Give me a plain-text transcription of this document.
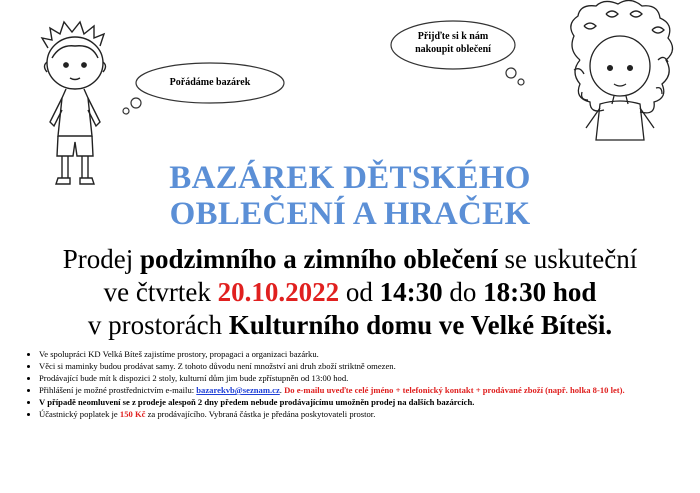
Pořádáme bazárek
Přijďte si k nám
nakoupit oblečení
BAZÁREK DĚTSKÉHO
OBLEČENÍ A HRAČEK
Prodej podzimního a zimního oblečení se uskuteční
ve čtvrtek 20.10.2022 od 14:30 do 18:30 hod
v prostorách Kulturního domu ve Velké Bíteši.
• Ve spolupráci KD Velká Bíteš zajistíme prostory, propagaci a organizaci bazárku.
• Věci si maminky budou prodávat samy. Z tohoto důvodu není množství ani druh zboží striktně omezen.
• Prodávající bude mít k dispozici 2 stoly, kulturní dům jim bude zpřístupněn od 13:00 hod.
• Přihlášení je možné prostřednictvím e-mailu: bazarekvb@seznam.cz. Do e-mailu uveďte celé jméno + telefonický kontakt + prodávané zboží (např. holka 8-10 let).
• V případě neomluvení se z prodeje alespoň 2 dny předem nebude prodávajícímu umožněn prodej na dalších bazárcích.
• Účastnický poplatek je 150 Kč za prodávajícího. Vybraná částka je předána poskytovateli prostor.
